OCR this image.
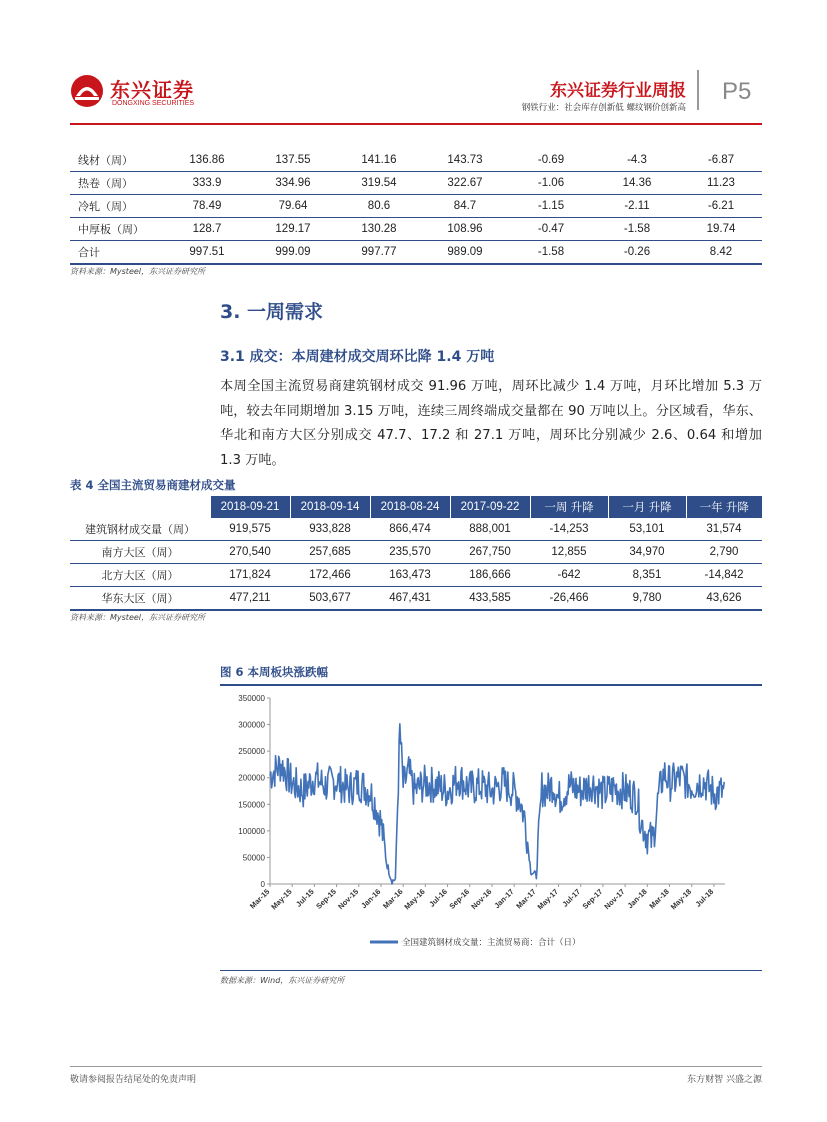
东兴证券
DONGXING SECURITIES
东兴证券行业周报
钢铁行业：社会库存创新低 螺纹钢价创新高
P5
线材（周）	136.86	137.55	141.16	143.73	-0.69	-4.3	-6.87	
热卷（周）	333.9	334.96	319.54	322.67	-1.06	14.36	11.23	
冷轧（周）	78.49	79.64	80.6	84.7	-1.15	-2.11	-6.21	
中厚板（周）	128.7	129.17	130.28	108.96	-0.47	-1.58	19.74	
合计	997.51	999.09	997.77	989.09	-1.58	-0.26	8.42	
资料来源：Mysteel，东兴证券研究所
3. 一周需求
3.1 成交：本周建材成交周环比降 1.4 万吨
本周全国主流贸易商建筑钢材成交 91.96 万吨，周环比减少 1.4 万吨，月环比增加 5.3 万吨，较去年同期增加 3.15 万吨，连续三周终端成交量都在 90 万吨以上。分区域看，华东、华北和南方大区分别成交 47.7、17.2 和 27.1 万吨，周环比分别减少 2.6、0.64 和增加 1.3 万吨。
表 4 全国主流贸易商建材成交量
	2018-09-21	2018-09-14	2018-08-24	2017-09-22	一周 升降	一月 升降	一年 升降
建筑钢材成交量（周）	919,575	933,828	866,474	888,001	-14,253	53,101	31,574
南方大区（周）	270,540	257,685	235,570	267,750	12,855	34,970	2,790
北方大区（周）	171,824	172,466	163,473	186,666	-642	8,351	-14,842
华东大区（周）	477,211	503,677	467,431	433,585	-26,466	9,780	43,626
资料来源：Mysteel，东兴证券研究所
图 6 本周板块涨跌幅
0
50000
100000
150000
200000
250000
300000
350000
Mar-15
May-15 Jul-15
Sep-15
Nov-15 Jan-16
Mar-16
May-16 Jul-16
Sep-16
Nov-16 Jan-17
Mar-17
May-17 Jul-17
Sep-17
Nov-17 Jan-18
Mar-18
May-18 Jul-18
全国建筑钢材成交量：主流贸易商：合计（日）
数据来源：Wind，东兴证券研究所
敬请参阅报告结尾处的免责声明	东方财智 兴盛之源
